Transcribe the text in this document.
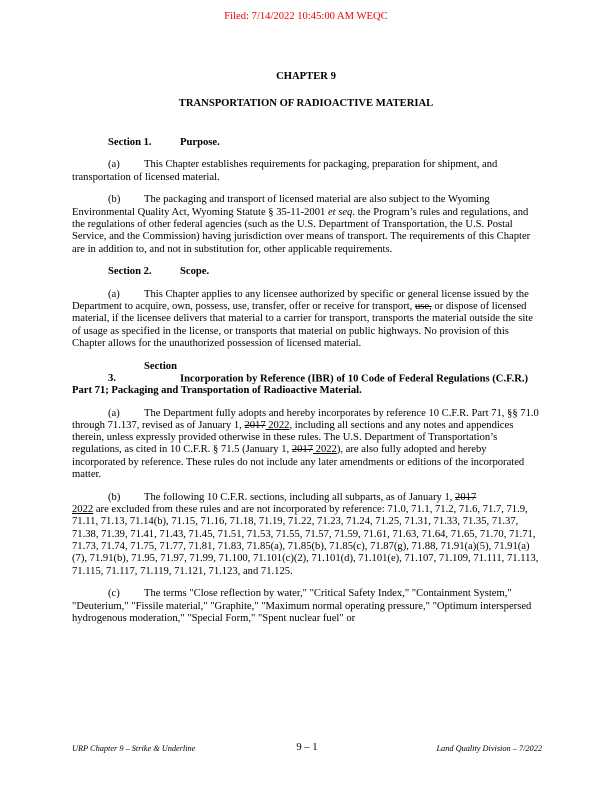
Filed: 7/14/2022 10:45:00 AM WEQC
CHAPTER 9
TRANSPORTATION OF RADIOACTIVE MATERIAL
Section 1.	Purpose.

(a) This Chapter establishes requirements for packaging, preparation for shipment, and transportation of licensed material.

(b) The packaging and transport of licensed material are also subject to the Wyoming Environmental Quality Act, Wyoming Statute § 35-11-2001 et seq. the Program’s rules and regulations, and the regulations of other federal agencies (such as the U.S. Department of Transportation, the U.S. Postal Service, and the Commission) having jurisdiction over means of transport. The requirements of this Chapter are in addition to, and not in substitution for, other applicable requirements.

Section 2.	Scope.

(a) This Chapter applies to any licensee authorized by specific or general license issued by the Department to acquire, own, possess, use, transfer, offer or receive for transport, use, or dispose of licensed material, if the licensee delivers that material to a carrier for transport, transports the material outside the site of usage as specified in the license, or transports that material on public highways. No provision of this Chapter allows for the unauthorized possession of licensed material.

Section 3.	Incorporation by Reference (IBR) of 10 Code of Federal Regulations (C.F.R.) Part 71; Packaging and Transportation of Radioactive Material.

(a) The Department fully adopts and hereby incorporates by reference 10 C.F.R. Part 71, §§ 71.0 through 71.137, revised as of January 1, 2017 2022, including all sections and any notes and appendices therein, unless expressly provided otherwise in these rules. The U.S. Department of Transportation’s regulations, as cited in 10 C.F.R. § 71.5 (January 1, 2017 2022), are also fully adopted and hereby incorporated by reference. These rules do not include any later amendments or editions of the incorporated matter.

(b) The following 10 C.F.R. sections, including all subparts, as of January 1, 2017
2022 are excluded from these rules and are not incorporated by reference: 71.0, 71.1, 71.2, 71.6, 71.7, 71.9, 71.11, 71.13, 71.14(b), 71.15, 71.16, 71.18, 71.19, 71.22, 71.23, 71.24, 71.25, 71.31, 71.33, 71.35, 71.37, 71.38, 71.39, 71.41, 71.43, 71.45, 71.51, 71.53, 71.55, 71.57, 71.59, 71.61, 71.63, 71.64, 71.65, 71.70, 71.71, 71.73, 71.74, 71.75, 71.77, 71.81, 71.83, 71.85(a), 71.85(b), 71.85(c), 71.87(g), 71.88, 71.91(a)(5), 71.91(a)(7), 71.91(b), 71.95, 71.97, 71.99, 71.100, 71.101(c)(2), 71.101(d), 71.101(e), 71.107, 71.109, 71.111, 71.113, 71.115, 71.117, 71.119, 71.121, 71.123, and 71.125.

(c) The terms "Close reflection by water," "Critical Safety Index," "Containment System," "Deuterium," "Fissile material," "Graphite," "Maximum normal operating pressure," "Optimum interspersed hydrogenous moderation," "Special Form," "Spent nuclear fuel" or

URP Chapter 9 – Strike & Underline	9 – 1	Land Quality Division – 7/2022
